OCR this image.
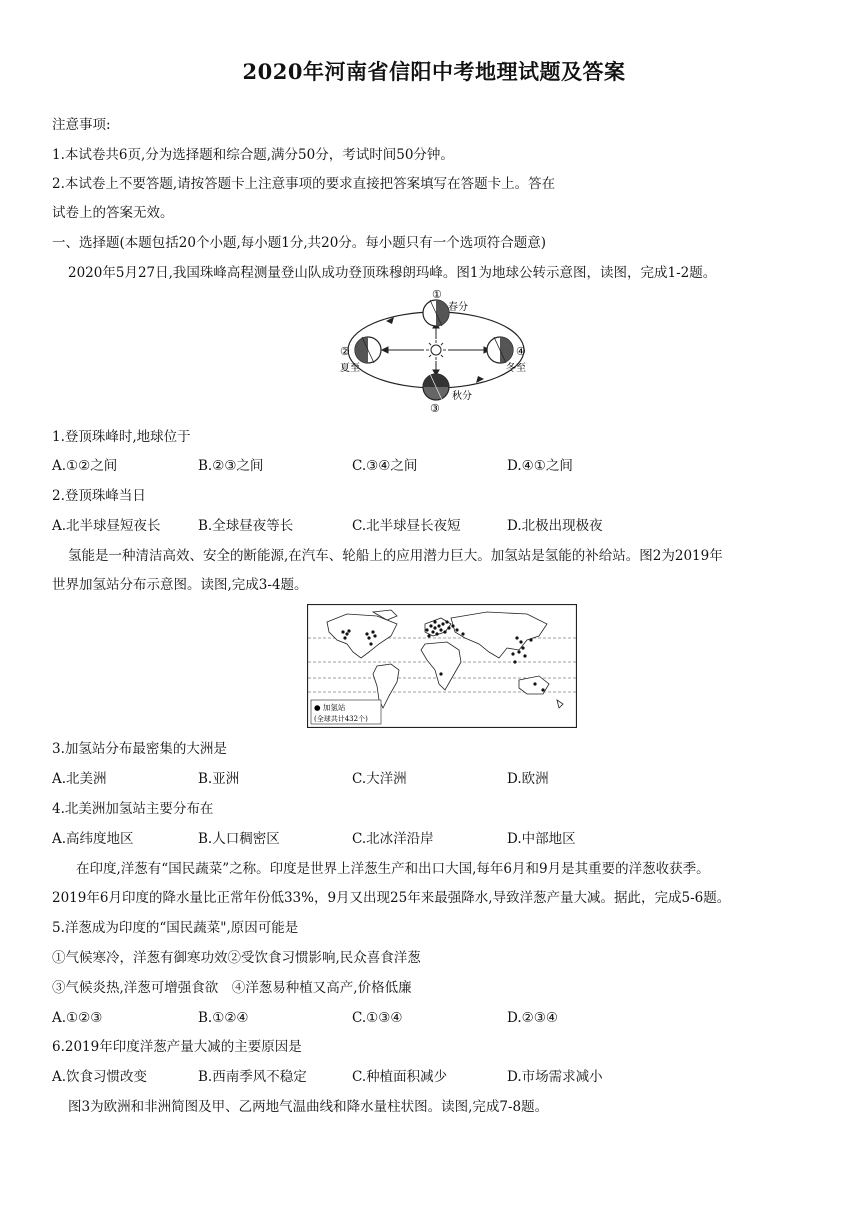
2020年河南省信阳中考地理试题及答案
注意事项:
1.本试卷共6页,分为选择题和综合题,满分50分，考试时间50分钟。
2.本试卷上不要答题,请按答题卡上注意事项的要求直接把答案填写在答题卡上。答在
试卷上的答案无效。
一、选择题(本题包括20个小题,每小题1分,共20分。每小题只有一个选项符合题意)
2020年5月27日,我国珠峰高程测量登山队成功登顶珠穆朗玛峰。图1为地球公转示意图，读图，完成1-2题。
①
春分
②
夏至
③
秋分
④
冬至
1.登顶珠峰时,地球位于
A.①②之间	B.②③之间	C.③④之间	D.④①之间
2.登顶珠峰当日
A.北半球昼短夜长	B.全球昼夜等长	C.北半球昼长夜短	D.北极出现极夜
氢能是一种清洁高效、安全的断能源,在汽车、轮船上的应用潜力巨大。加氢站是氢能的补给站。图2为2019年
世界加氢站分布示意图。读图,完成3-4题。
● 加氢站
(全球共计432个)
3.加氢站分布最密集的大洲是
A.北美洲	B.亚洲	C.大洋洲	D.欧洲
4.北美洲加氢站主要分布在
A.高纬度地区	B.人口稠密区	C.北冰洋沿岸	D.中部地区
在印度,洋葱有“国民蔬菜”之称。印度是世界上洋葱生产和出口大国,每年6月和9月是其重要的洋葱收获季。
2019年6月印度的降水量比正常年份低33%，9月又出现25年来最强降水,导致洋葱产量大减。据此，完成5-6题。
5.洋葱成为印度的“国民蔬菜",原因可能是
①气候寒冷，洋葱有御寒功效②受饮食习惯影响,民众喜食洋葱
③气候炎热,洋葱可增强食欲　④洋葱易种植又高产,价格低廉
A.①②③	B.①②④	C.①③④	D.②③④
6.2019年印度洋葱产量大减的主要原因是
A.饮食习惯改变	B.西南季风不稳定	C.种植面积减少	D.市场需求减小
图3为欧洲和非洲简图及甲、乙两地气温曲线和降水量柱状图。读图,完成7-8题。
